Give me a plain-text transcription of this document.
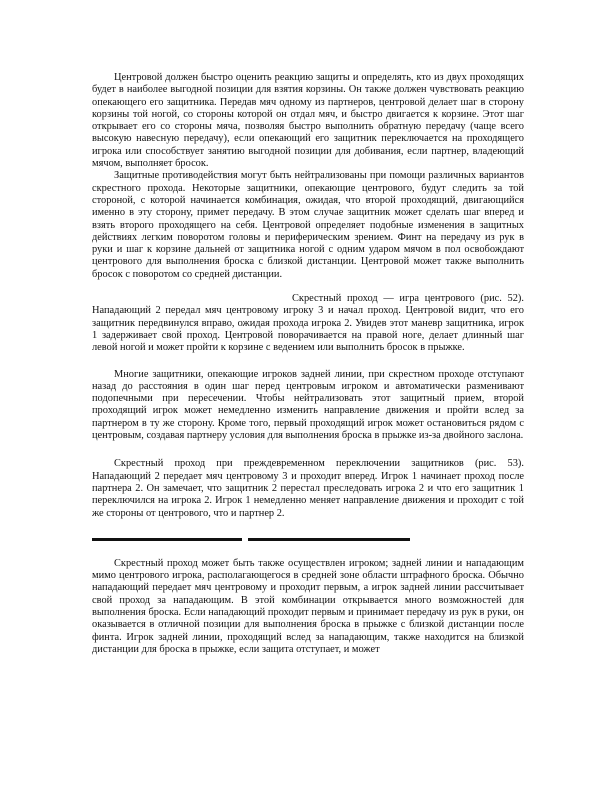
Центровой должен быстро оценить реакцию защиты и определять, кто из двух проходящих будет в наиболее выгодной позиции для взятия корзины. Он также должен чувствовать реакцию опекающего его защитника. Передав мяч одному из партнеров, центровой делает шаг в сторону корзины той ногой, со стороны которой он отдал мяч, и быстро двигается к корзине. Этот шаг открывает его со стороны мяча, позволяя быстро выполнить обратную передачу (чаще всего высокую навесную передачу), если опекающий его защитник переключается на проходящего игрока или способствует занятию выгодной позиции для добивания, если партнер, владеющий мячом, выполняет бросок.

Защитные противодействия могут быть нейтрализованы при помощи различных вариантов скрестного прохода. Некоторые защитники, опекающие центрового, будут следить за той стороной, с которой начинается комбинация, ожидая, что второй проходящий, двигающийся именно в эту сторону, примет передачу. В этом случае защитник может сделать шаг вперед и взять второго проходящего на себя. Центровой определяет подобные изменения в защитных действиях легким поворотом головы и периферическим зрением. Финт на передачу из рук в руки и шаг к корзине дальней от защитника ногой с одним ударом мячом в пол освобождают центрового для выполнения броска с близкой дистанции. Центровой может также выполнить бросок с поворотом со средней дистанции.

Скрестный проход — игра центрового (рис. 52). Нападающий 2 передал мяч центровому игроку 3 и начал проход. Центровой видит, что его защитник передвинулся вправо, ожидая прохода игрока 2. Увидев этот маневр защитника, игрок 1 задерживает свой проход. Центровой поворачивается на правой ноге, делает длинный шаг левой ногой и может пройти к корзине с ведением или выполнить бросок в прыжке.

Многие защитники, опекающие игроков задней линии, при скрестном проходе отступают назад до расстояния в один шаг перед центровым игроком и автоматически разменивают подопечными при пересечении. Чтобы нейтрализовать этот защитный прием, второй проходящий игрок может немедленно изменить направление движения и пройти вслед за партнером в ту же сторону. Кроме того, первый проходящий игрок может остановиться рядом с центровым, создавая партнеру условия для выполнения броска в прыжке из-за двойного заслона.

Скрестный проход при преждевременном переключении защитников (рис. 53). Нападающий 2 передает мяч центровому 3 и проходит вперед. Игрок 1 начинает проход после партнера 2. Он замечает, что защитник 2 перестал преследовать игрока 2 и что его защитник 1 переключился на игрока 2. Игрок 1 немедленно меняет направление движения и проходит с той же стороны от центрового, что и партнер 2.

Скрестный проход может быть также осуществлен игроком; задней линии и нападающим мимо центрового игрока, располагающегося в средней зоне области штрафного броска. Обычно нападающий передает мяч центровому и проходит первым, а игрок задней линии рассчитывает свой проход за нападающим. В этой комбинации открывается много возможностей для выполнения броска. Если нападающий проходит первым и принимает передачу из рук в руки, он оказывается в отличной позиции для выполнения броска в прыжке с близкой дистанции после финта. Игрок задней линии, проходящий вслед за нападающим, также находится на близкой дистанции для броска в прыжке, если защита отступает, и может
